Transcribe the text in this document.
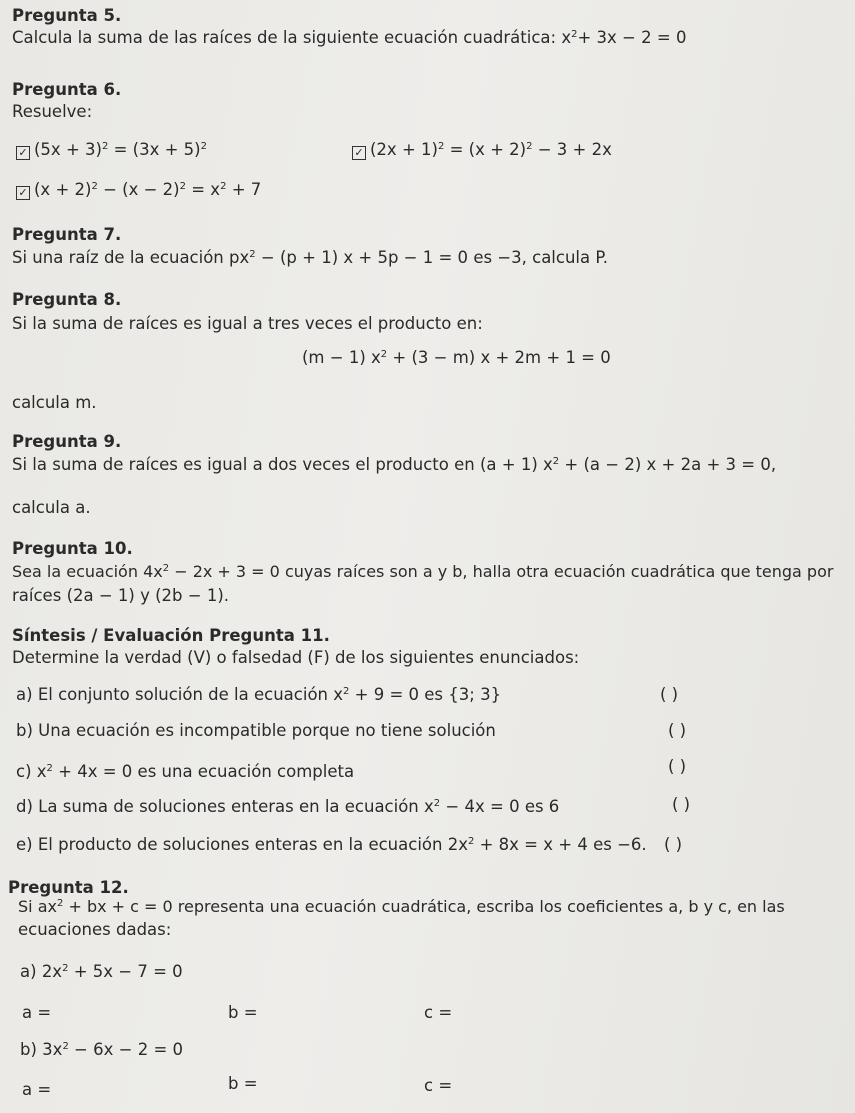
Pregunta 5.
Calcula la suma de las raíces de la siguiente ecuación cuadrática: $x^2+ 3x - 2 = 0$
Pregunta 6.
Resuelve:
✓ $(5x + 3)^2 = (3x + 5)^2$	✓ $(2x + 1)^2 = (x + 2)^2 - 3 + 2x$
✓ $(x + 2)^2 - (x - 2)^2 = x^2 + 7$
Pregunta 7.
Si una raíz de la ecuación $px^2 - (p + 1) x + 5p - 1 = 0$ es −3, calcula P.
Pregunta 8.
Si la suma de raíces es igual a tres veces el producto en:
(m − 1) $x^2 + (3 - m) x + 2m + 1 = 0$
calcula m.
Pregunta 9.
Si la suma de raíces es igual a dos veces el producto en (a + 1) $x^2 + (a - 2) x + 2a + 3 = 0$,
calcula a.
Pregunta 10.
Sea la ecuación $4x^2 - 2x + 3 = 0$ cuyas raíces son a y b, halla otra ecuación cuadrática que tenga por
raíces (2a − 1) y (2b − 1).
Síntesis / Evaluación Pregunta 11.
Determine la verdad (V) o falsedad (F) de los siguientes enunciados:
a) El conjunto solución de la ecuación $x^2 + 9 = 0$ es {3; 3}	( )
b) Una ecuación es incompatible porque no tiene solución	( )
c) $x^2 + 4x = 0$ es una ecuación completa	( )
d) La suma de soluciones enteras en la ecuación $x^2 - 4x = 0$ es 6	( )
e) El producto de soluciones enteras en la ecuación $2x^2 + 8x = x + 4$ es −6. ( )
Pregunta 12.
Si $ax^2$ + bx + c = 0 representa una ecuación cuadrática, escriba los coeficientes a, b y c, en las
ecuaciones dadas:
a) $2x^2 + 5x - 7 = 0$
a =	b =	c =
b) $3x^2 - 6x - 2 = 0$
a =	b =	c =
